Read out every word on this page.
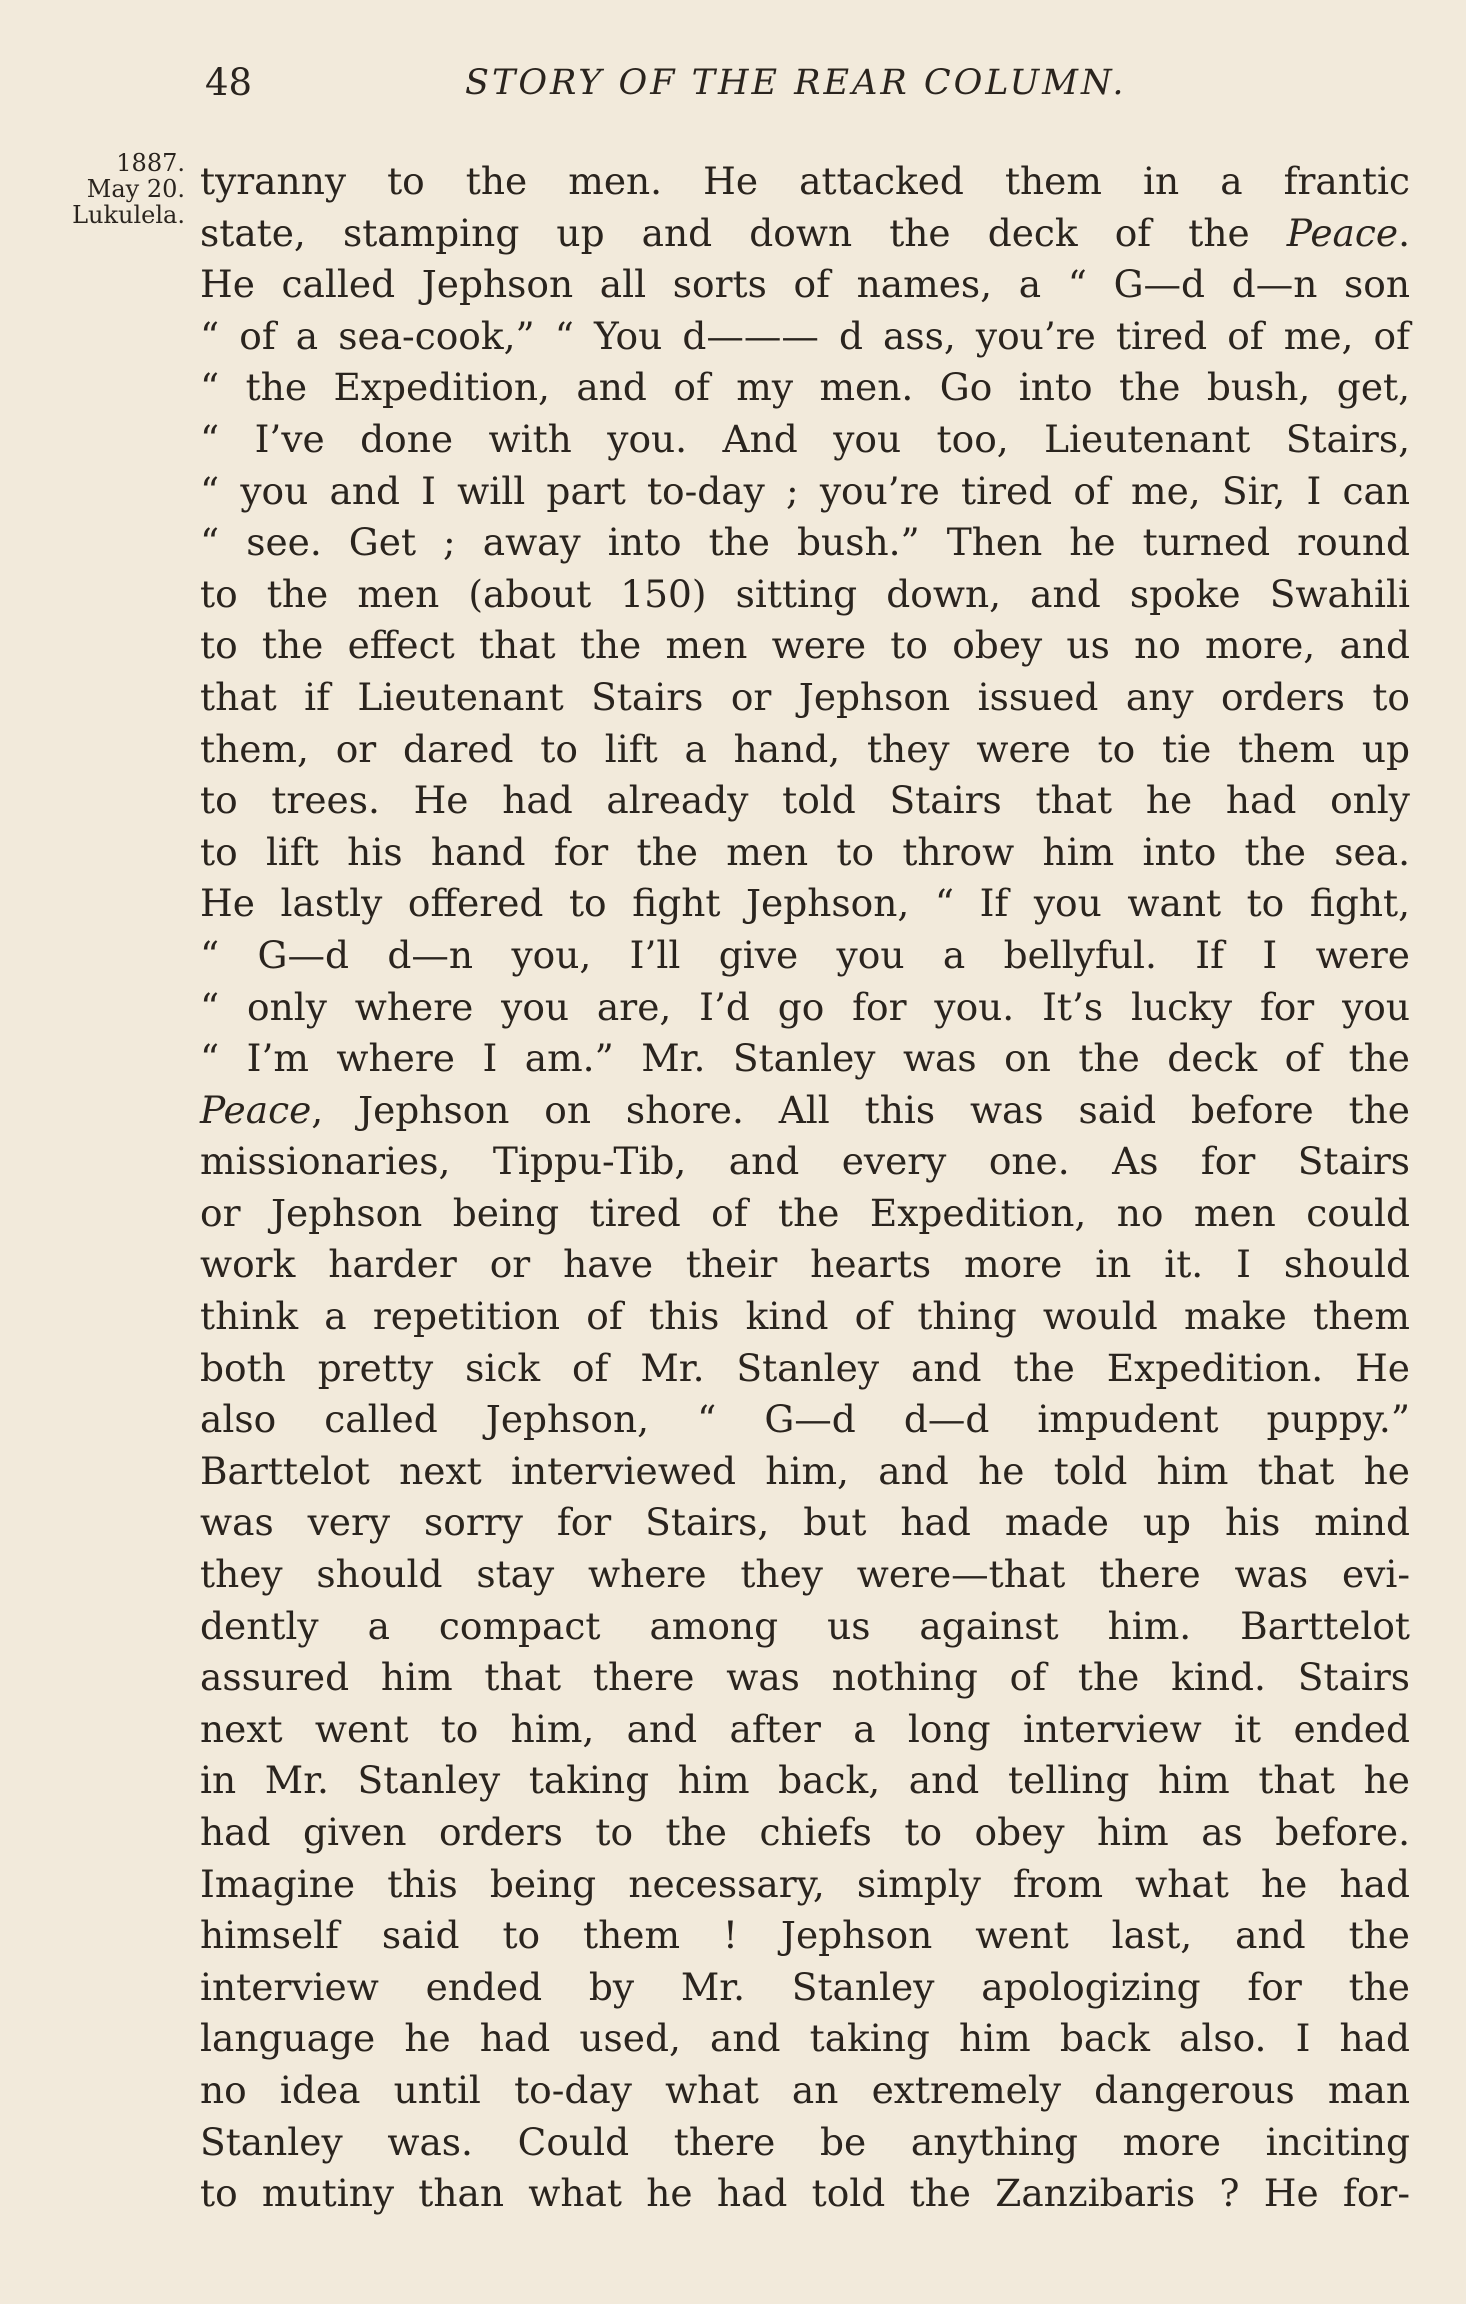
48	STORY OF THE REAR COLUMN.
1887.
May 20.
Lukulela.
tyranny to the men. He attacked them in a frantic
state, stamping up and down the deck of the Peace.
He called Jephson all sorts of names, a “ G—d d—n son
“ of a sea-cook,” “ You d——— d ass, you’re tired of me, of
“ the Expedition, and of my men. Go into the bush, get,
“ I’ve done with you. And you too, Lieutenant Stairs,
“ you and I will part to-day ; you’re tired of me, Sir, I can
“ see. Get ; away into the bush.” Then he turned round
to the men (about 150) sitting down, and spoke Swahili
to the effect that the men were to obey us no more, and
that if Lieutenant Stairs or Jephson issued any orders to
them, or dared to lift a hand, they were to tie them up
to trees. He had already told Stairs that he had only
to lift his hand for the men to throw him into the sea.
He lastly offered to fight Jephson, “ If you want to fight,
“ G—d d—n you, I’ll give you a bellyful. If I were
“ only where you are, I’d go for you. It’s lucky for you
“ I’m where I am.” Mr. Stanley was on the deck of the
Peace, Jephson on shore. All this was said before the
missionaries, Tippu-Tib, and every one. As for Stairs
or Jephson being tired of the Expedition, no men could
work harder or have their hearts more in it. I should
think a repetition of this kind of thing would make them
both pretty sick of Mr. Stanley and the Expedition. He
also called Jephson, “ G—d d—d impudent puppy.”
Barttelot next interviewed him, and he told him that he
was very sorry for Stairs, but had made up his mind
they should stay where they were—that there was evi-
dently a compact among us against him. Barttelot
assured him that there was nothing of the kind. Stairs
next went to him, and after a long interview it ended
in Mr. Stanley taking him back, and telling him that he
had given orders to the chiefs to obey him as before.
Imagine this being necessary, simply from what he had
himself said to them ! Jephson went last, and the
interview ended by Mr. Stanley apologizing for the
language he had used, and taking him back also. I had
no idea until to-day what an extremely dangerous man
Stanley was. Could there be anything more inciting
to mutiny than what he had told the Zanzibaris ? He for-
